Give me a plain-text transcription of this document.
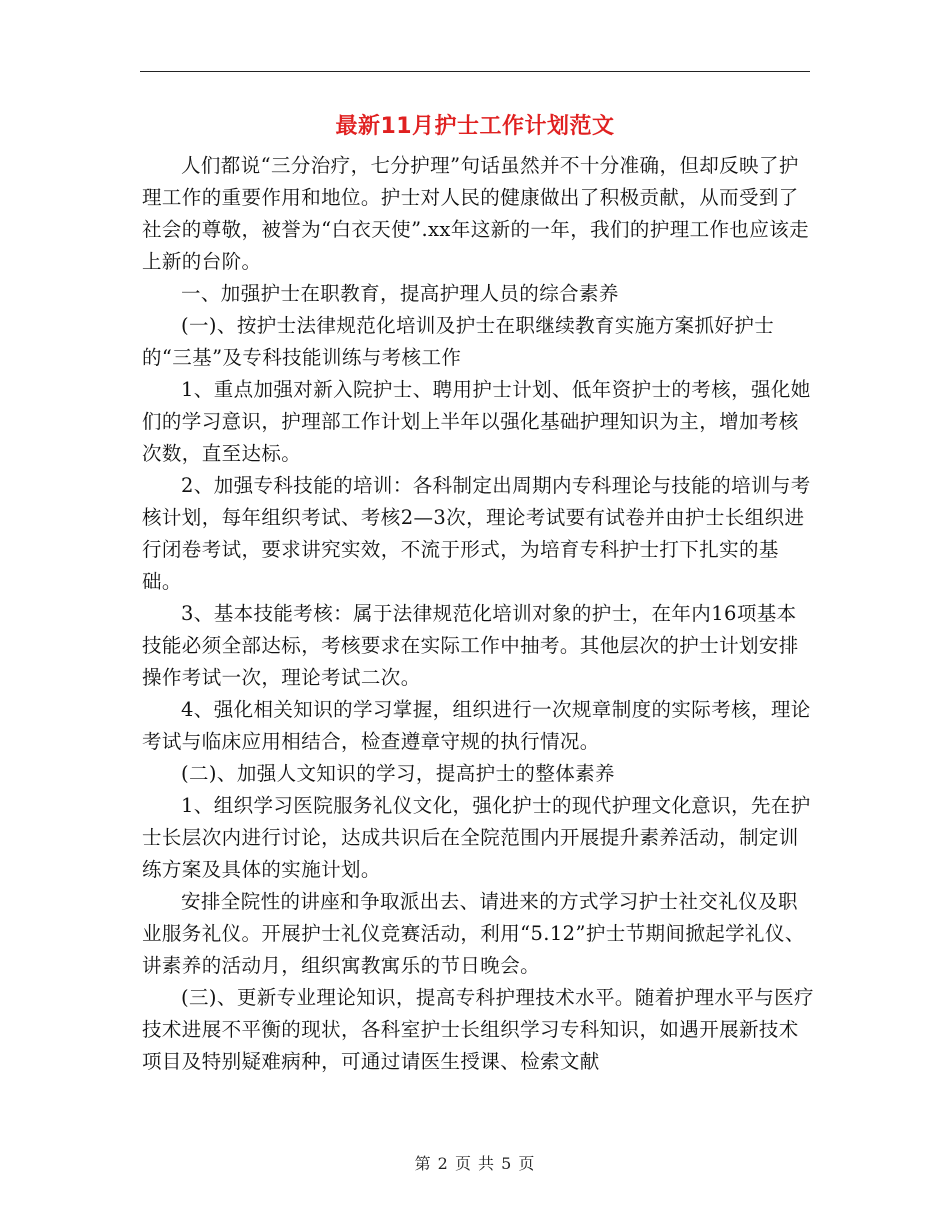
最新11月护士工作计划范文

人们都说“三分治疗，七分护理”句话虽然并不十分准确，但却反映了护理工作的重要作用和地位。护士对人民的健康做出了积极贡献，从而受到了社会的尊敬，被誉为“白衣天使”.xx年这新的一年，我们的护理工作也应该走上新的台阶。

一、加强护士在职教育，提高护理人员的综合素养

(一)、按护士法律规范化培训及护士在职继续教育实施方案抓好护士的“三基”及专科技能训练与考核工作

1、重点加强对新入院护士、聘用护士计划、低年资护士的考核，强化她们的学习意识，护理部工作计划上半年以强化基础护理知识为主，增加考核次数，直至达标。

2、加强专科技能的培训：各科制定出周期内专科理论与技能的培训与考核计划，每年组织考试、考核2—3次，理论考试要有试卷并由护士长组织进行闭卷考试，要求讲究实效，不流于形式，为培育专科护士打下扎实的基础。

3、基本技能考核：属于法律规范化培训对象的护士，在年内16项基本技能必须全部达标，考核要求在实际工作中抽考。其他层次的护士计划安排操作考试一次，理论考试二次。

4、强化相关知识的学习掌握，组织进行一次规章制度的实际考核，理论考试与临床应用相结合，检查遵章守规的执行情况。

(二)、加强人文知识的学习，提高护士的整体素养

1、组织学习医院服务礼仪文化，强化护士的现代护理文化意识，先在护士长层次内进行讨论，达成共识后在全院范围内开展提升素养活动，制定训练方案及具体的实施计划。

安排全院性的讲座和争取派出去、请进来的方式学习护士社交礼仪及职业服务礼仪。开展护士礼仪竞赛活动，利用“5.12”护士节期间掀起学礼仪、讲素养的活动月，组织寓教寓乐的节日晚会。

(三)、更新专业理论知识，提高专科护理技术水平。随着护理水平与医疗技术进展不平衡的现状，各科室护士长组织学习专科知识，如遇开展新技术项目及特别疑难病种，可通过请医生授课、检索文献

第 2 页 共 5 页
